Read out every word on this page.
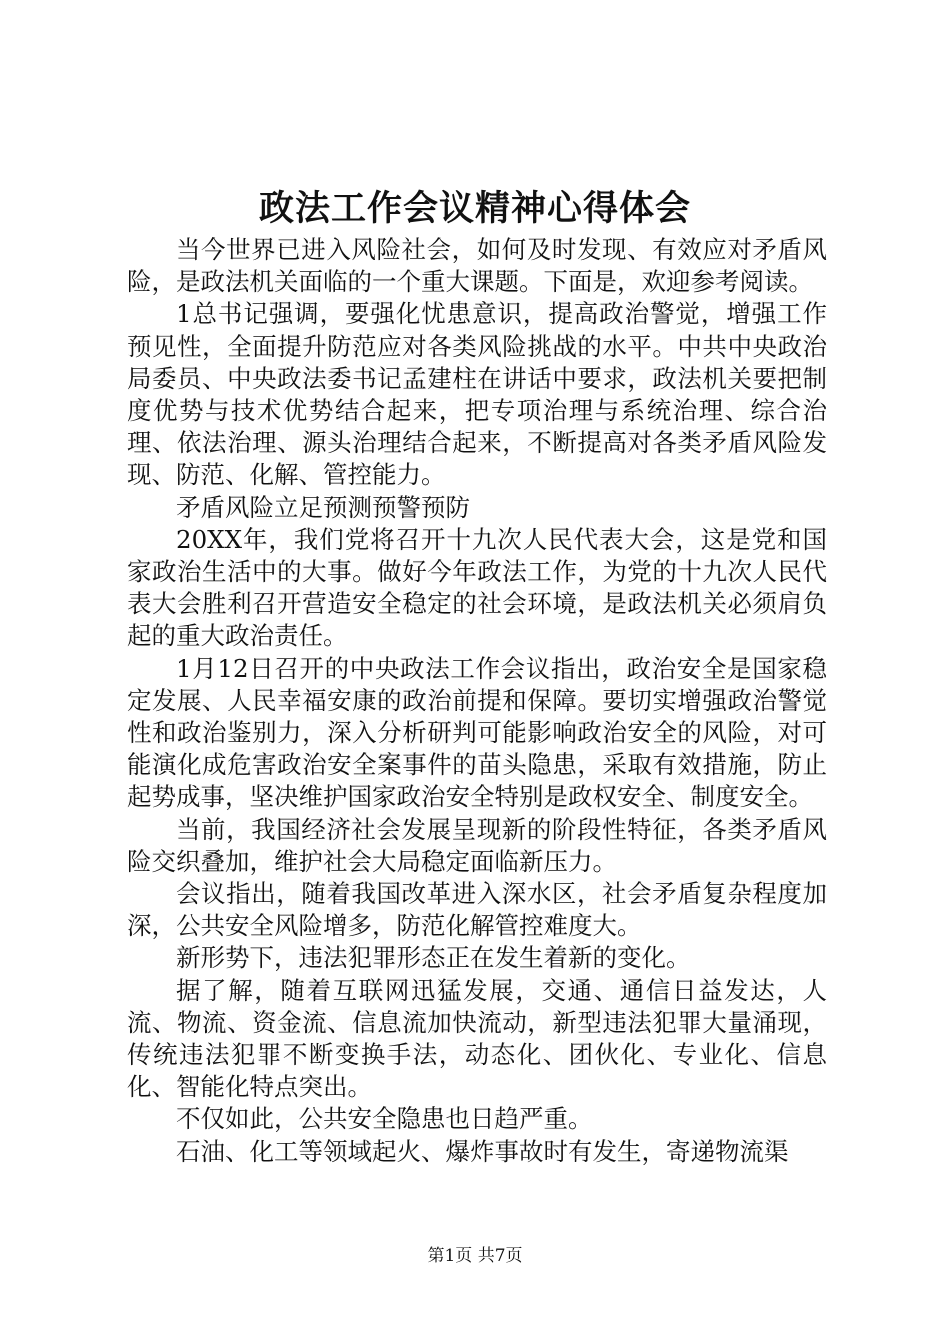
政法工作会议精神心得体会

当今世界已进入风险社会，如何及时发现、有效应对矛盾风险，是政法机关面临的一个重大课题。下面是，欢迎参考阅读。

1总书记强调，要强化忧患意识，提高政治警觉，增强工作预见性，全面提升防范应对各类风险挑战的水平。中共中央政治局委员、中央政法委书记孟建柱在讲话中要求，政法机关要把制度优势与技术优势结合起来，把专项治理与系统治理、综合治理、依法治理、源头治理结合起来，不断提高对各类矛盾风险发现、防范、化解、管控能力。

矛盾风险立足预测预警预防

20XX年，我们党将召开十九次人民代表大会，这是党和国家政治生活中的大事。做好今年政法工作，为党的十九次人民代表大会胜利召开营造安全稳定的社会环境，是政法机关必须肩负起的重大政治责任。

1月12日召开的中央政法工作会议指出，政治安全是国家稳定发展、人民幸福安康的政治前提和保障。要切实增强政治警觉性和政治鉴别力，深入分析研判可能影响政治安全的风险，对可能演化成危害政治安全案事件的苗头隐患，采取有效措施，防止起势成事，坚决维护国家政治安全特别是政权安全、制度安全。

当前，我国经济社会发展呈现新的阶段性特征，各类矛盾风险交织叠加，维护社会大局稳定面临新压力。

会议指出，随着我国改革进入深水区，社会矛盾复杂程度加深，公共安全风险增多，防范化解管控难度大。

新形势下，违法犯罪形态正在发生着新的变化。

据了解，随着互联网迅猛发展，交通、通信日益发达，人流、物流、资金流、信息流加快流动，新型违法犯罪大量涌现，传统违法犯罪不断变换手法，动态化、团伙化、专业化、信息化、智能化特点突出。

不仅如此，公共安全隐患也日趋严重。

石油、化工等领域起火、爆炸事故时有发生，寄递物流渠

第1页 共7页
